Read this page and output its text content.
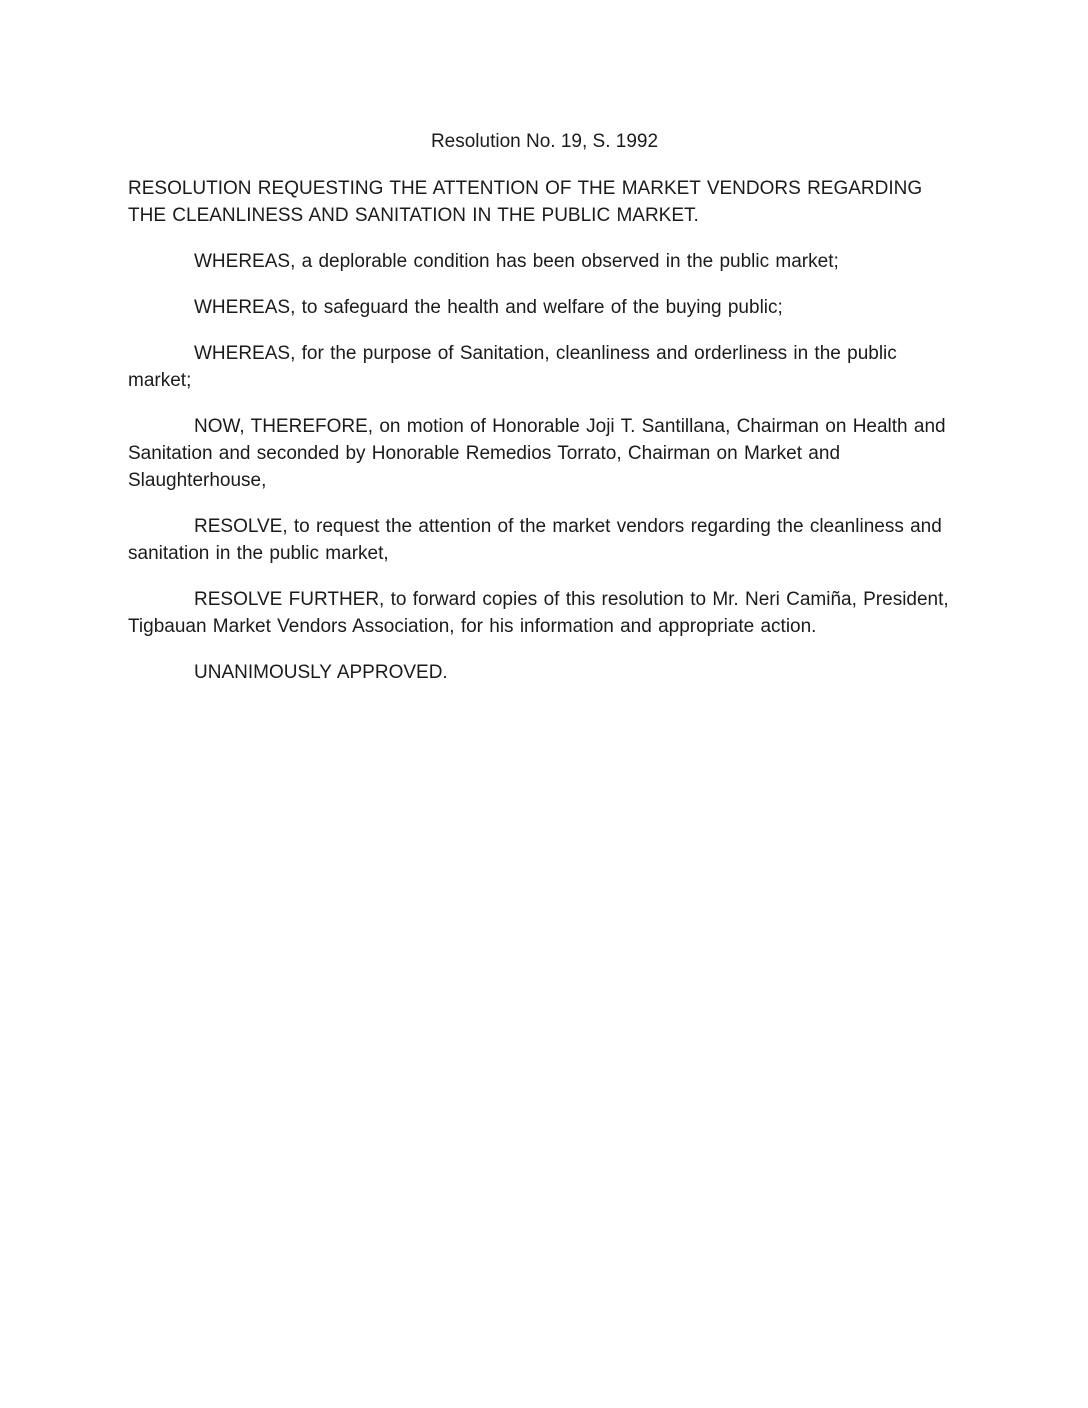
Resolution No. 19, S. 1992

RESOLUTION REQUESTING THE ATTENTION OF THE MARKET VENDORS REGARDING THE CLEANLINESS AND SANITATION IN THE PUBLIC MARKET.

WHEREAS, a deplorable condition has been observed in the public market;

WHEREAS, to safeguard the health and welfare of the buying public;

WHEREAS, for the purpose of Sanitation, cleanliness and orderliness in the public market;

NOW, THEREFORE, on motion of Honorable Joji T. Santillana, Chairman on Health and Sanitation and seconded by Honorable Remedios Torrato, Chairman on Market and Slaughterhouse,

RESOLVE, to request the attention of the market vendors regarding the cleanliness and sanitation in the public market,

RESOLVE FURTHER, to forward copies of this resolution to Mr. Neri Camiña, President, Tigbauan Market Vendors Association, for his information and appropriate action.

UNANIMOUSLY APPROVED.
